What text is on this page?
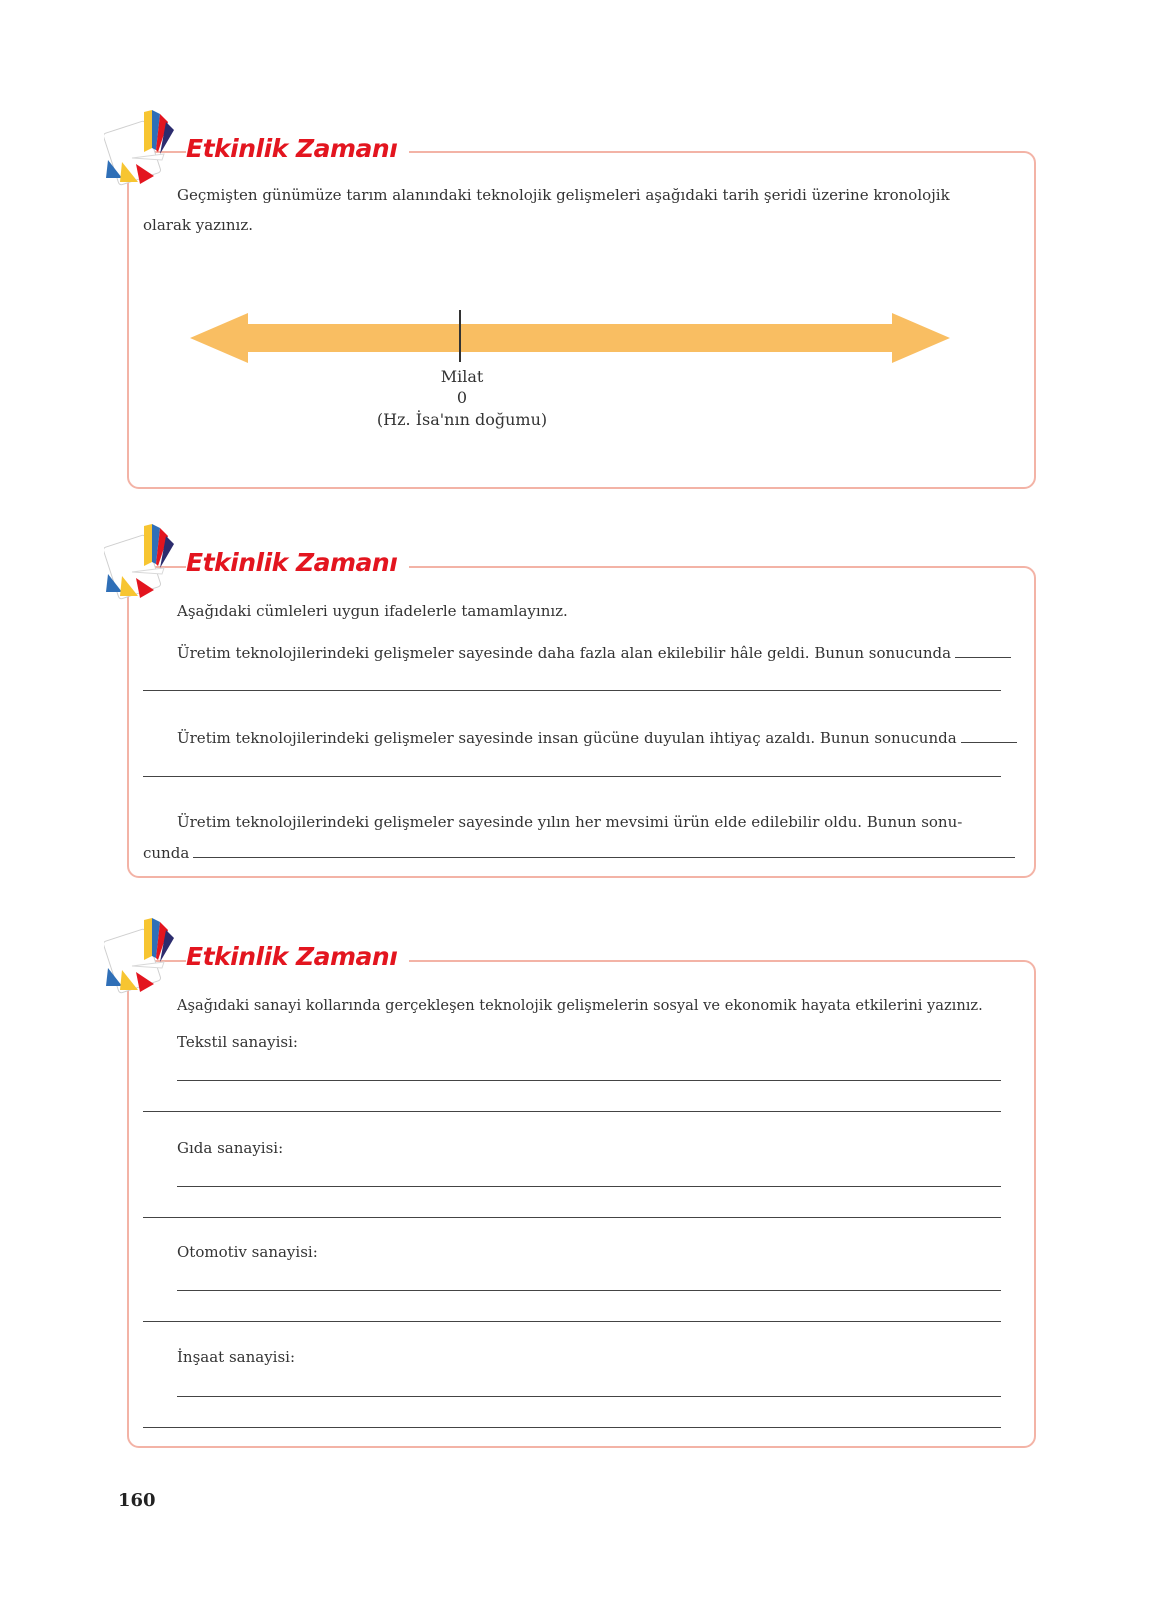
Etkinlik Zamanı
Geçmişten günümüze tarım alanındaki teknolojik gelişmeleri aşağıdaki tarih şeridi üzerine kronolojik olarak yazınız.
Milat
0
(Hz. İsa'nın doğumu)
Etkinlik Zamanı
Aşağıdaki cümleleri uygun ifadelerle tamamlayınız.
Üretim teknolojilerindeki gelişmeler sayesinde daha fazla alan ekilebilir hâle geldi. Bunun sonucunda
Üretim teknolojilerindeki gelişmeler sayesinde insan gücüne duyulan ihtiyaç azaldı. Bunun sonucunda
Üretim teknolojilerindeki gelişmeler sayesinde yılın her mevsimi ürün elde edilebilir oldu. Bunun sonu-
cunda
Etkinlik Zamanı
Aşağıdaki sanayi kollarında gerçekleşen teknolojik gelişmelerin sosyal ve ekonomik hayata etkilerini yazınız.
Tekstil sanayisi:
Gıda sanayisi:
Otomotiv sanayisi:
İnşaat sanayisi:
160
